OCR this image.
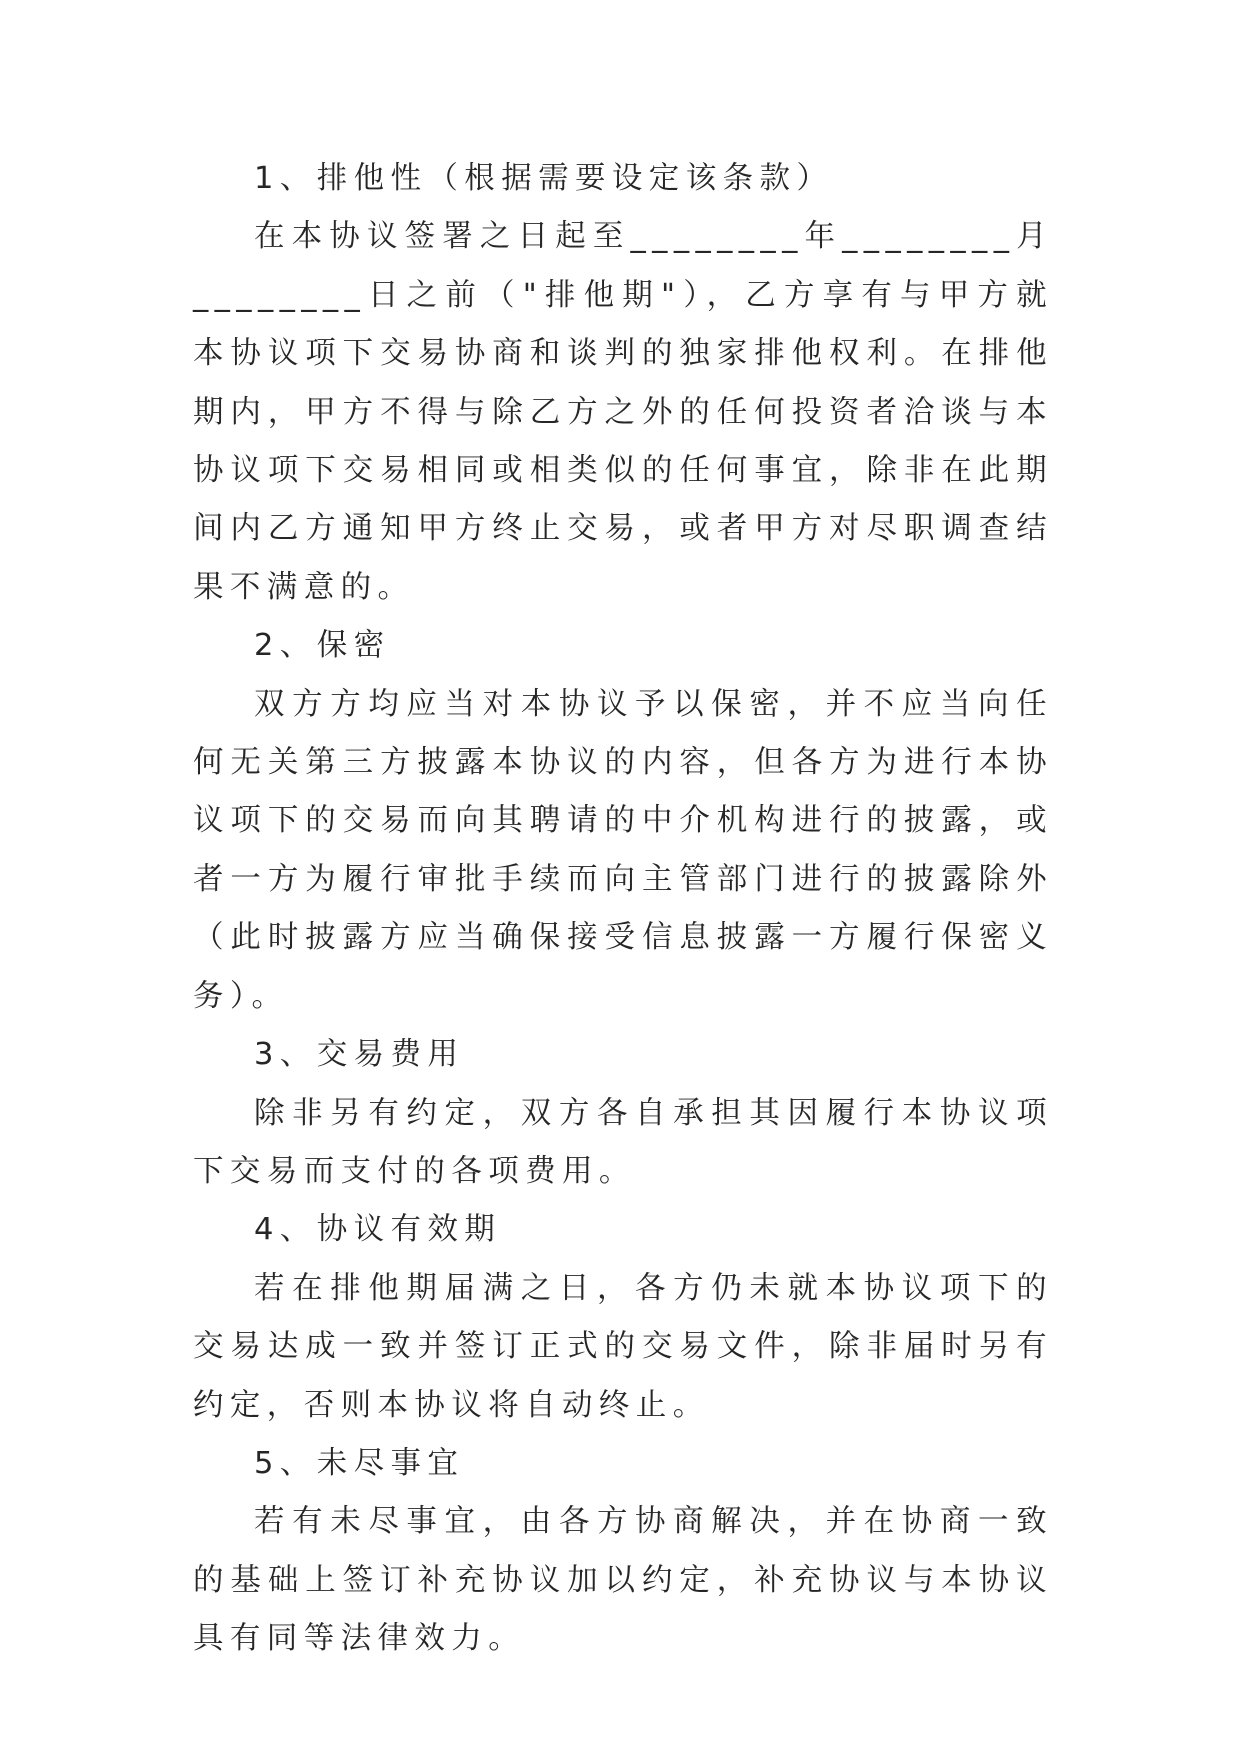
1、排他性（根据需要设定该条款）

在本协议签署之日起至________年________月________日之前（"排他期"），乙方享有与甲方就本协议项下交易协商和谈判的独家排他权利。在排他期内，甲方不得与除乙方之外的任何投资者洽谈与本协议项下交易相同或相类似的任何事宜，除非在此期间内乙方通知甲方终止交易，或者甲方对尽职调查结果不满意的。

2、保密

双方方均应当对本协议予以保密，并不应当向任何无关第三方披露本协议的内容，但各方为进行本协议项下的交易而向其聘请的中介机构进行的披露，或者一方为履行审批手续而向主管部门进行的披露除外（此时披露方应当确保接受信息披露一方履行保密义务）。

3、交易费用

除非另有约定，双方各自承担其因履行本协议项下交易而支付的各项费用。

4、协议有效期

若在排他期届满之日，各方仍未就本协议项下的交易达成一致并签订正式的交易文件，除非届时另有约定，否则本协议将自动终止。

5、未尽事宜

若有未尽事宜，由各方协商解决，并在协商一致的基础上签订补充协议加以约定，补充协议与本协议具有同等法律效力。
